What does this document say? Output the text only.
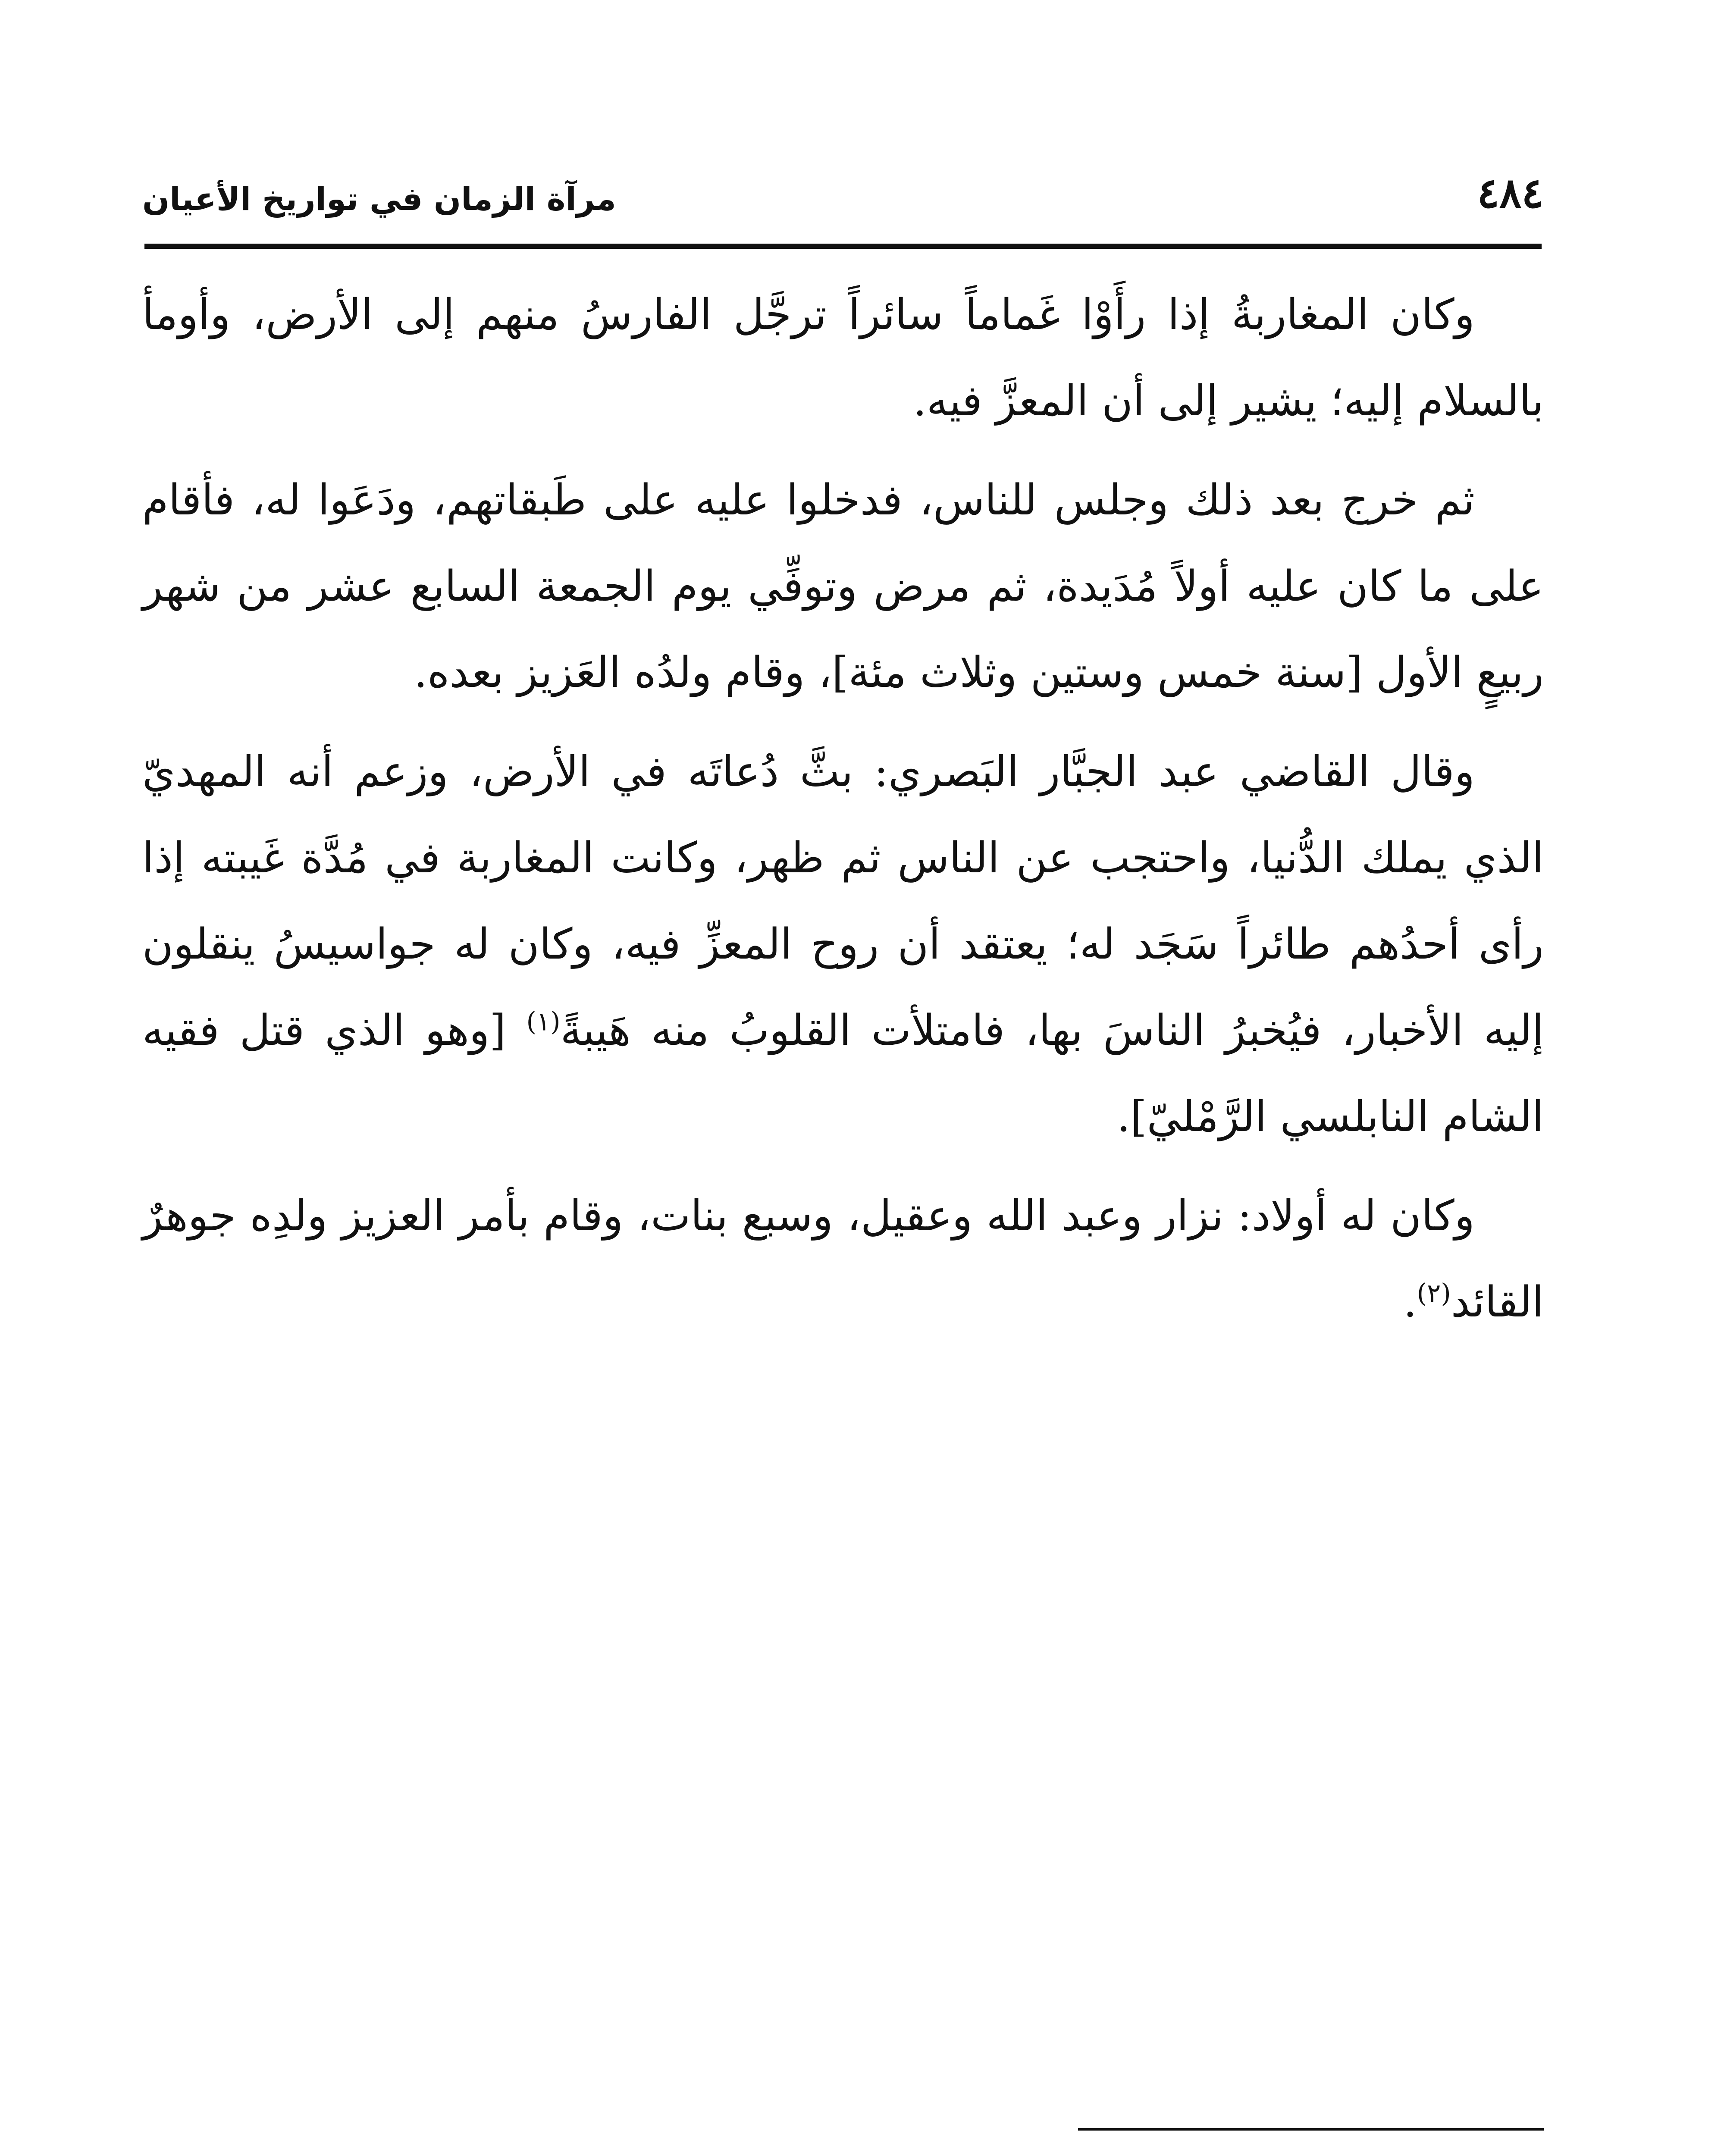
٤٨٤
مرآة الزمان في تواريخ الأعيان

وكان المغاربةُ إذا رأَوْا غَماماً سائراً ترجَّل الفارسُ منهم إلى الأرض، وأومأ بالسلام إليه؛ يشير إلى أن المعزَّ فيه.

ثم خرج بعد ذلك وجلس للناس، فدخلوا عليه على طَبقاتهم، ودَعَوا له، فأقام على ما كان عليه أولاً مُدَيدة، ثم مرض وتوفِّي يوم الجمعة السابع عشر من شهر ربيعٍ الأول [سنة خمس وستين وثلاث مئة]، وقام ولدُه العَزيز بعده.

وقال القاضي عبد الجبَّار البَصري: بثَّ دُعاتَه في الأرض، وزعم أنه المهديّ الذي يملك الدُّنيا، واحتجب عن الناس ثم ظهر، وكانت المغاربة في مُدَّة غَيبته إذا رأى أحدُهم طائراً سَجَد له؛ يعتقد أن روح المعزِّ فيه، وكان له جواسيسُ ينقلون إليه الأخبار، فيُخبرُ الناسَ بها، فامتلأت القلوبُ منه هَيبةً$^{(١)}$ [وهو الذي قتل فقيه الشام النابلسي الرَّمْليّ].

وكان له أولاد: نزار وعبد الله وعقيل، وسبع بنات، وقام بأمر العزيز ولدِه جوهرٌ القائد$^{(٢)}$.
